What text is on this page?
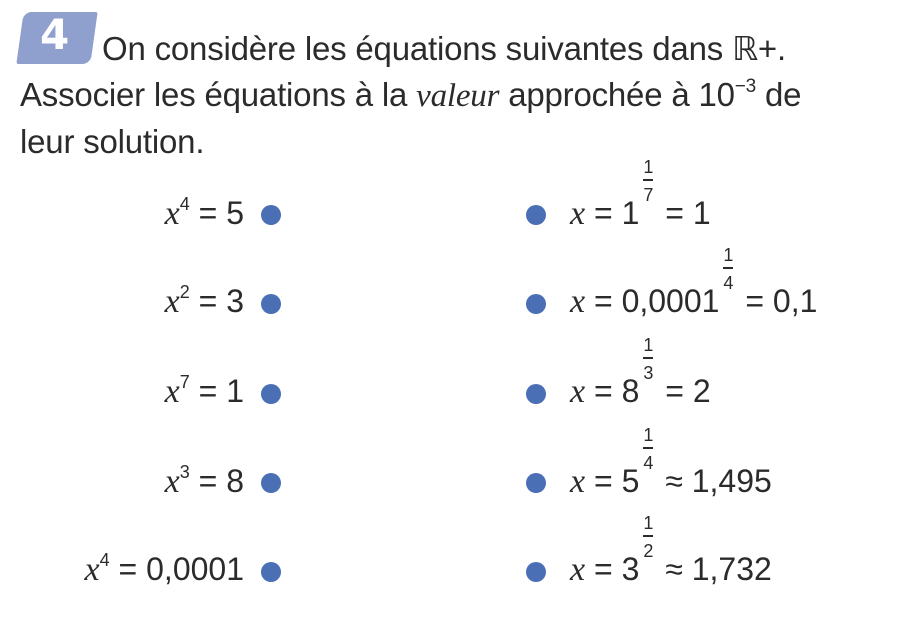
4 On considère les équations suivantes dans ℝ+.
Associer les équations à la valeur approchée à $10^{-3}$ de
leur solution.
$x^4 = 5$
$x^2 = 3$
$x^7 = 1$
$x^3 = 8$
$x^4 = 0,0001$
$x = 1 \frac{1}{7} = 1$
$x = 0,0001 \frac{1}{4} = 0,1$
$x = 8 \frac{1}{3} = 2$
$x = 5 \frac{1}{4} \approx 1,495$
$x = 3 \frac{1}{2} \approx 1,732$
